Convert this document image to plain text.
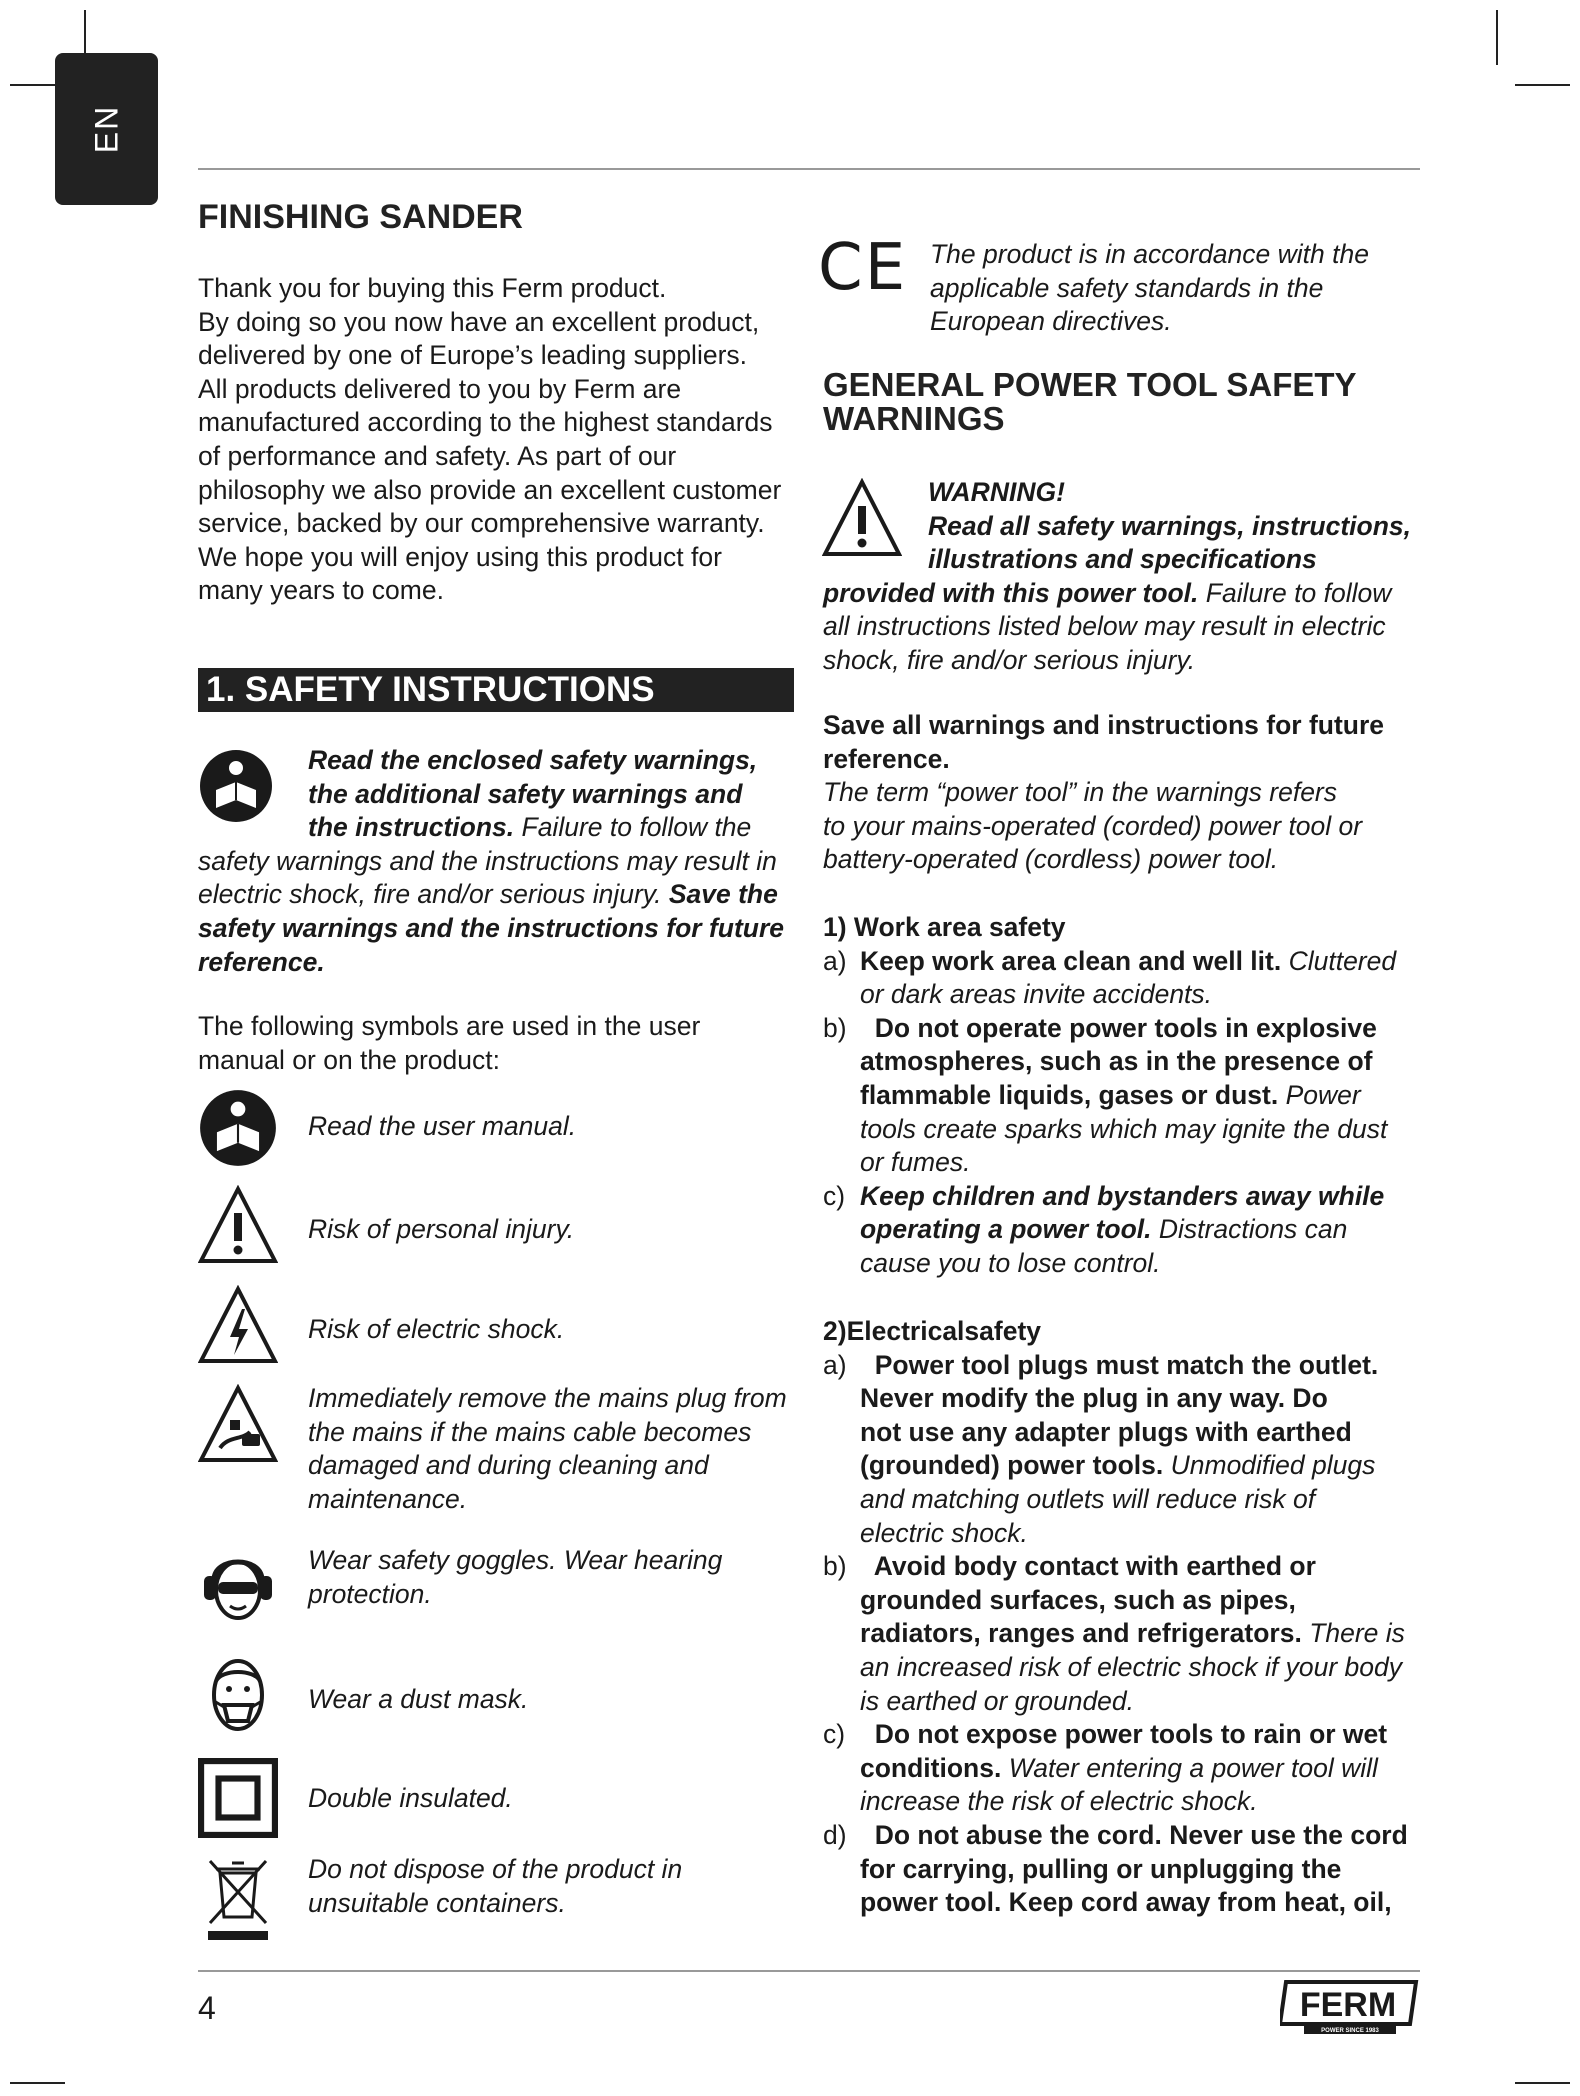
EN
FINISHING SANDER

Thank you for buying this Ferm product.

By doing so you now have an excellent product,

delivered by one of Europe’s leading suppliers.

All products delivered to you by Ferm are

manufactured according to the highest standards

of performance and safety. As part of our

philosophy we also provide an excellent customer

service, backed by our comprehensive warranty.

We hope you will enjoy using this product for

many years to come.

1. SAFETY INSTRUCTIONS

Read the enclosed safety warnings,

the additional safety warnings and

the instructions. Failure to follow the

safety warnings and the instructions may result in

electric shock, fire and/or serious injury. Save the

safety warnings and the instructions for future

reference.

The following symbols are used in the user

manual or on the product:

Read the user manual.
Risk of personal injury.
Risk of electric shock.
Immediately remove the mains plug from
the mains if the mains cable becomes
damaged and during cleaning and
maintenance.
Wear safety goggles. Wear hearing
protection.
Wear a dust mask.
Double insulated.
Do not dispose of the product in
unsuitable containers.
CE The product is in accordance with the

applicable safety standards in the

European directives.

GENERAL POWER TOOL SAFETY
WARNINGS

WARNING!

Read all safety warnings, instructions,

illustrations and specifications

provided with this power tool. Failure to follow

all instructions listed below may result in electric

shock, fire and/or serious injury.

Save all warnings and instructions for future

reference.

The term “power tool” in the warnings refers

to your mains-operated (corded) power tool or

battery-operated (cordless) power tool.

1) Work area safety

a) Keep work area clean and well lit. Cluttered

or dark areas invite accidents.

b) Do not operate power tools in explosive

atmospheres, such as in the presence of

flammable liquids, gases or dust. Power

tools create sparks which may ignite the dust

or fumes.

c) Keep children and bystanders away while

operating a power tool. Distractions can

cause you to lose control.

2)Electricalsafety

a) Power tool plugs must match the outlet.

Never modify the plug in any way. Do

not use any adapter plugs with earthed

(grounded) power tools. Unmodified plugs

and matching outlets will reduce risk of

electric shock.

b) Avoid body contact with earthed or

grounded surfaces, such as pipes,

radiators, ranges and refrigerators. There is

an increased risk of electric shock if your body

is earthed or grounded.

c) Do not expose power tools to rain or wet

conditions. Water entering a power tool will

increase the risk of electric shock.

d) Do not abuse the cord. Never use the cord

for carrying, pulling or unplugging the

power tool. Keep cord away from heat, oil,

4	FERM
POWER SINCE 1983
